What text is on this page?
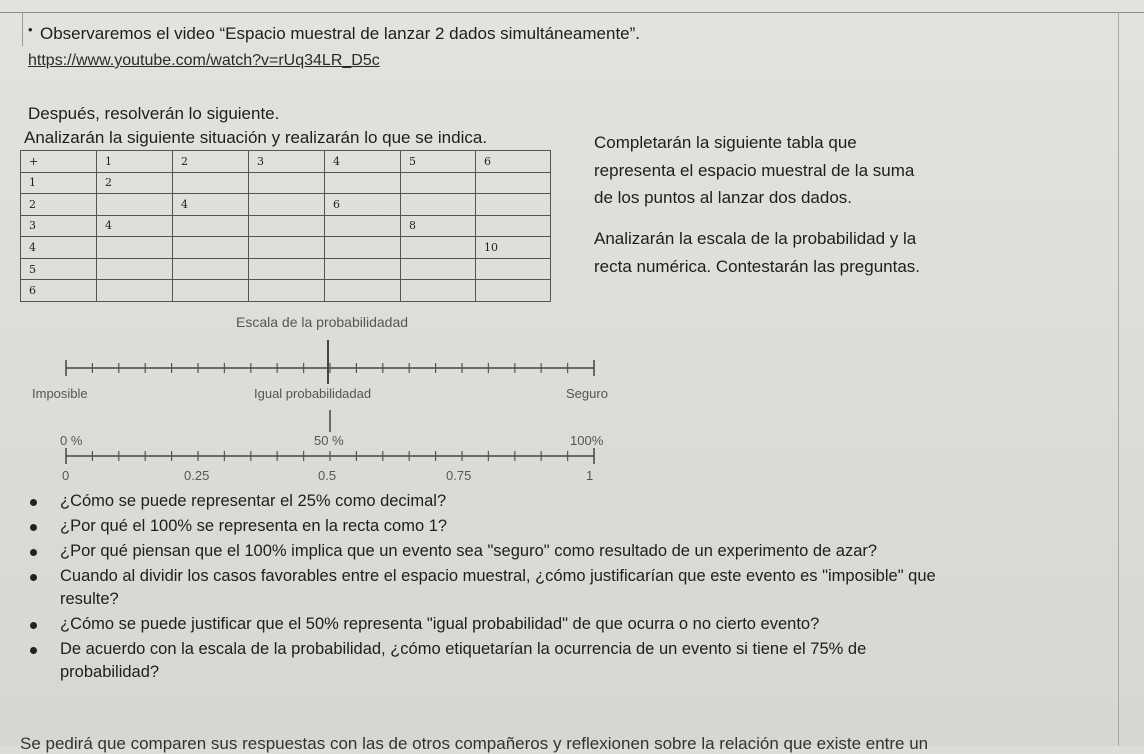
• Observaremos el video “Espacio muestral de lanzar 2 dados simultáneamente”.
https://www.youtube.com/watch?v=rUq34LR_D5c
Después, resolverán lo siguiente.
Analizarán la siguiente situación y realizarán lo que se indica.
+	1	2	3	4	5	6
1	2					
2		4		6		
3	4				8	
4						10
5						
6						
Completarán la siguiente tabla que
representa el espacio muestral de la suma
de los puntos al lanzar dos dados.
Analizarán la escala de la probabilidad y la
recta numérica. Contestarán las preguntas.
Escala de la probabilidadad
Imposible	Igual probabilidadad	Seguro
0 %	50 %	100%
0	0.25	0.5	0.75	1
¿Cómo se puede representar el 25% como decimal?
¿Por qué el 100% se representa en la recta como 1?
¿Por qué piensan que el 100% implica que un evento sea "seguro" como resultado de un experimento de azar?
Cuando al dividir los casos favorables entre el espacio muestral, ¿cómo justificarían que este evento es "imposible" que
resulte?
¿Cómo se puede justificar que el 50% representa "igual probabilidad" de que ocurra o no cierto evento?
De acuerdo con la escala de la probabilidad, ¿cómo etiquetarían la ocurrencia de un evento si tiene el 75% de
probabilidad?
Se pedirá que comparen sus respuestas con las de otros compañeros y reflexionen sobre la relación que existe entre un
